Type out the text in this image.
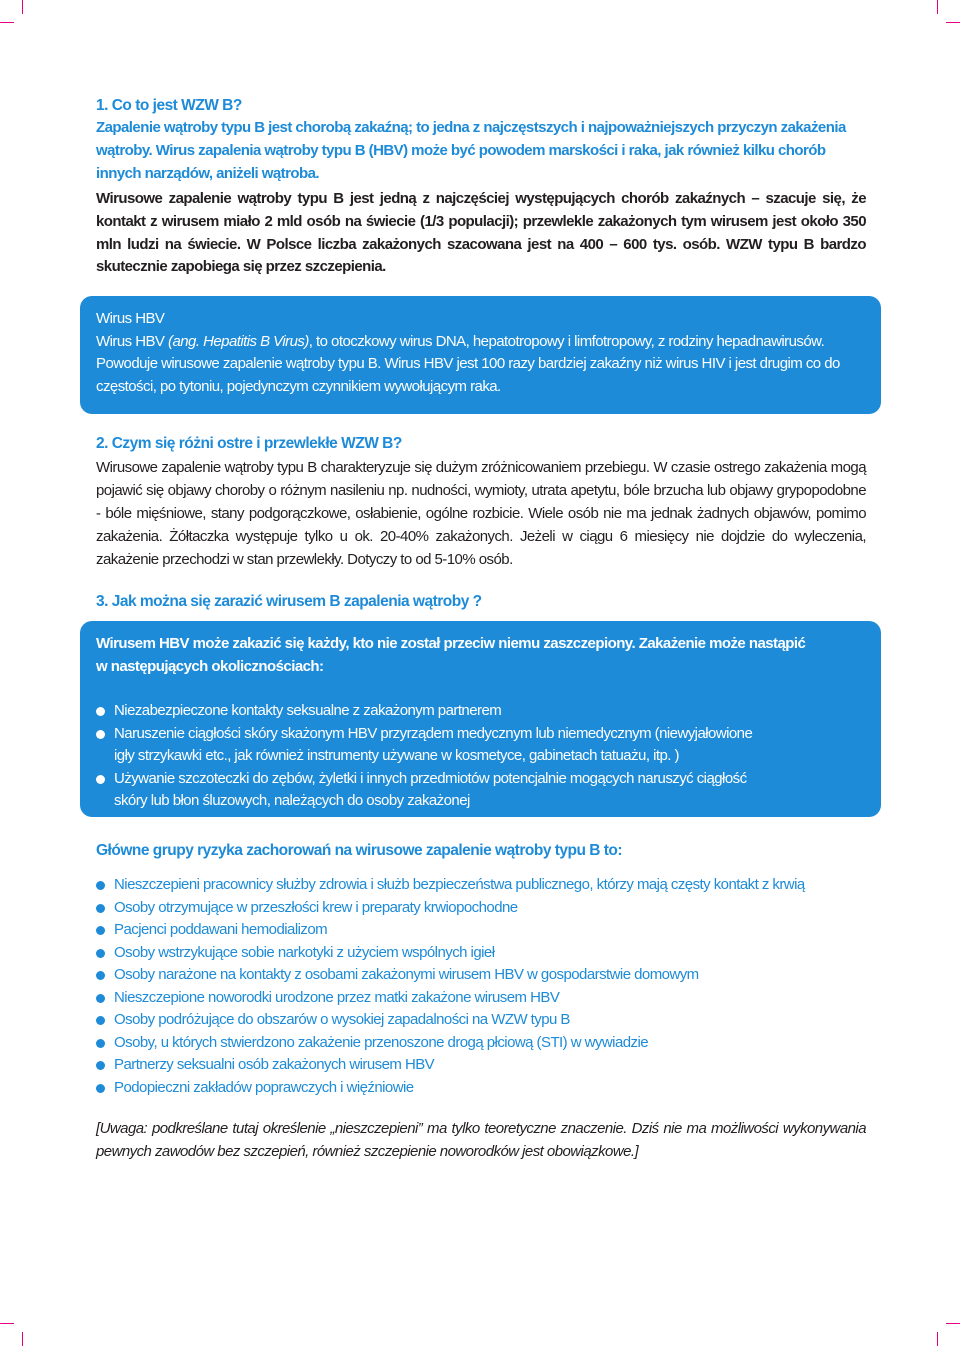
1. Co to jest WZW B?
Zapalenie wątroby typu B jest chorobą zakaźną; to jedna z najczęstszych i najpoważniejszych przyczyn zakażenia
wątroby. Wirus zapalenia wątroby typu B (HBV) może być powodem marskości i raka, jak również kilku chorób
innych narządów, aniżeli wątroba.

Wirusowe zapalenie wątroby typu B jest jedną z najczęściej występujących chorób zakaźnych – szacuje się, że kontakt z wirusem miało 2 mld osób na świecie (1/3 populacji); przewlekle zakażonych tym wirusem jest około 350 mln ludzi na świecie. W Polsce liczba zakażonych szacowana jest na 400 – 600 tys. osób. WZW typu B bardzo skutecznie zapobiega się przez szczepienia.

Wirus HBV
Wirus HBV (ang. Hepatitis B Virus), to otoczkowy wirus DNA, hepatotropowy i limfotropowy, z rodziny hepadnawirusów.
Powoduje wirusowe zapalenie wątroby typu B. Wirus HBV jest 100 razy bardziej zakaźny niż wirus HIV i jest drugim co do
częstości, po tytoniu, pojedynczym czynnikiem wywołującym raka.
2. Czym się różni ostre i przewlekłe WZW B?

Wirusowe zapalenie wątroby typu B charakteryzuje się dużym zróżnicowaniem przebiegu. W czasie ostrego zakażenia mogą pojawić się objawy choroby o różnym nasileniu np. nudności, wymioty, utrata apetytu, bóle brzucha lub objawy grypopodobne - bóle mięśniowe, stany podgorączkowe, osłabienie, ogólne rozbicie. Wiele osób nie ma jednak żadnych objawów, pomimo zakażenia. Żółtaczka występuje tylko u ok. 20-40% zakażonych. Jeżeli w ciągu 6 miesięcy nie dojdzie do wyleczenia, zakażenie przechodzi w stan przewlekły. Dotyczy to od 5-10% osób.

3. Jak można się zarazić wirusem B zapalenia wątroby ?
Wirusem HBV może zakazić się każdy, kto nie został przeciw niemu zaszczepiony. Zakażenie może nastąpić
w następujących okolicznościach:
Niezabezpieczone kontakty seksualne z zakażonym partnerem
Naruszenie ciągłości skóry skażonym HBV przyrządem medycznym lub niemedycznym (niewyjałowione igły strzykawki etc., jak również instrumenty używane w kosmetyce, gabinetach tatuażu, itp. )
Używanie szczoteczki do zębów, żyletki i innych przedmiotów potencjalnie mogących naruszyć ciągłość skóry lub błon śluzowych, należących do osoby zakażonej
Główne grupy ryzyka zachorowań na wirusowe zapalenie wątroby typu B to:
Nieszczepieni pracownicy służby zdrowia i służb bezpieczeństwa publicznego, którzy mają częsty kontakt z krwią
Osoby otrzymujące w przeszłości krew i preparaty krwiopochodne
Pacjenci poddawani hemodializom
Osoby wstrzykujące sobie narkotyki z użyciem wspólnych igieł
Osoby narażone na kontakty z osobami zakażonymi wirusem HBV w gospodarstwie domowym
Nieszczepione noworodki urodzone przez matki zakażone wirusem HBV
Osoby podróżujące do obszarów o wysokiej zapadalności na WZW typu B
Osoby, u których stwierdzono zakażenie przenoszone drogą płciową (STI) w wywiadzie
Partnerzy seksualni osób zakażonych wirusem HBV
Podopieczni zakładów poprawczych i więźniowie

[Uwaga: podkreślane tutaj określenie „nieszczepieni” ma tylko teoretyczne znaczenie. Dziś nie ma możliwości wykonywania pewnych zawodów bez szczepień, również szczepienie noworodków jest obowiązkowe.]
